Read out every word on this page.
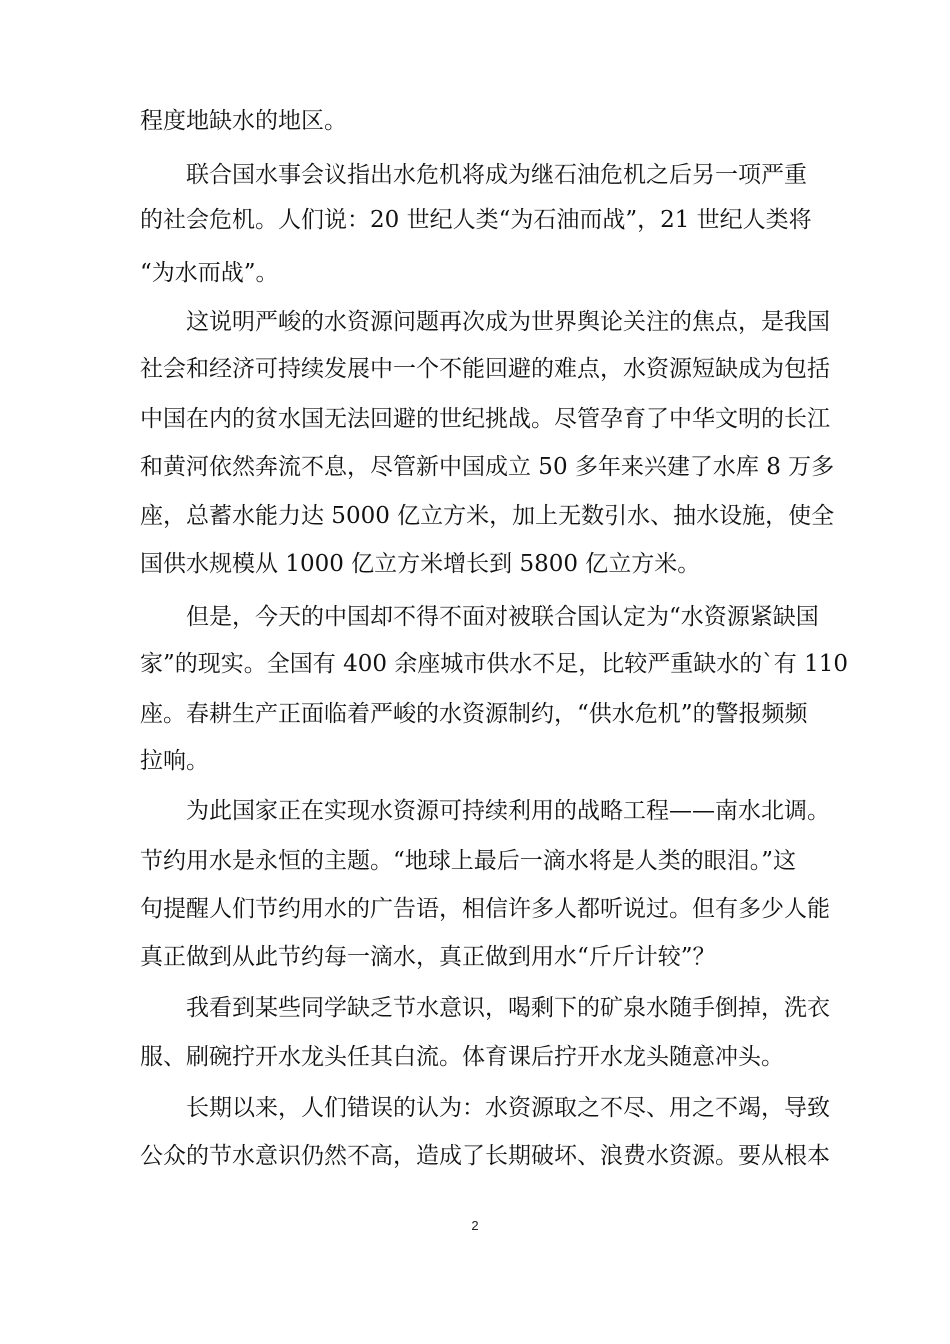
程度地缺水的地区。
　　联合国水事会议指出水危机将成为继石油危机之后另一项严重
的社会危机。人们说：20 世纪人类“为石油而战”，21 世纪人类将
“为水而战”。
　　这说明严峻的水资源问题再次成为世界舆论关注的焦点，是我国
社会和经济可持续发展中一个不能回避的难点，水资源短缺成为包括
中国在内的贫水国无法回避的世纪挑战。尽管孕育了中华文明的长江
和黄河依然奔流不息，尽管新中国成立 50 多年来兴建了水库 8 万多
座，总蓄水能力达 5000 亿立方米，加上无数引水、抽水设施，使全
国供水规模从 1000 亿立方米增长到 5800 亿立方米。
　　但是，今天的中国却不得不面对被联合国认定为“水资源紧缺国
家”的现实。全国有 400 余座城市供水不足，比较严重缺水的`有 110
座。春耕生产正面临着严峻的水资源制约，“供水危机”的警报频频
拉响。
　　为此国家正在实现水资源可持续利用的战略工程——南水北调。
节约用水是永恒的主题。“地球上最后一滴水将是人类的眼泪。”这
句提醒人们节约用水的广告语，相信许多人都听说过。但有多少人能
真正做到从此节约每一滴水，真正做到用水“斤斤计较”？
　　我看到某些同学缺乏节水意识，喝剩下的矿泉水随手倒掉，洗衣
服、刷碗拧开水龙头任其白流。体育课后拧开水龙头随意冲头。
　　长期以来，人们错误的认为：水资源取之不尽、用之不竭，导致
公众的节水意识仍然不高，造成了长期破坏、浪费水资源。要从根本
2
